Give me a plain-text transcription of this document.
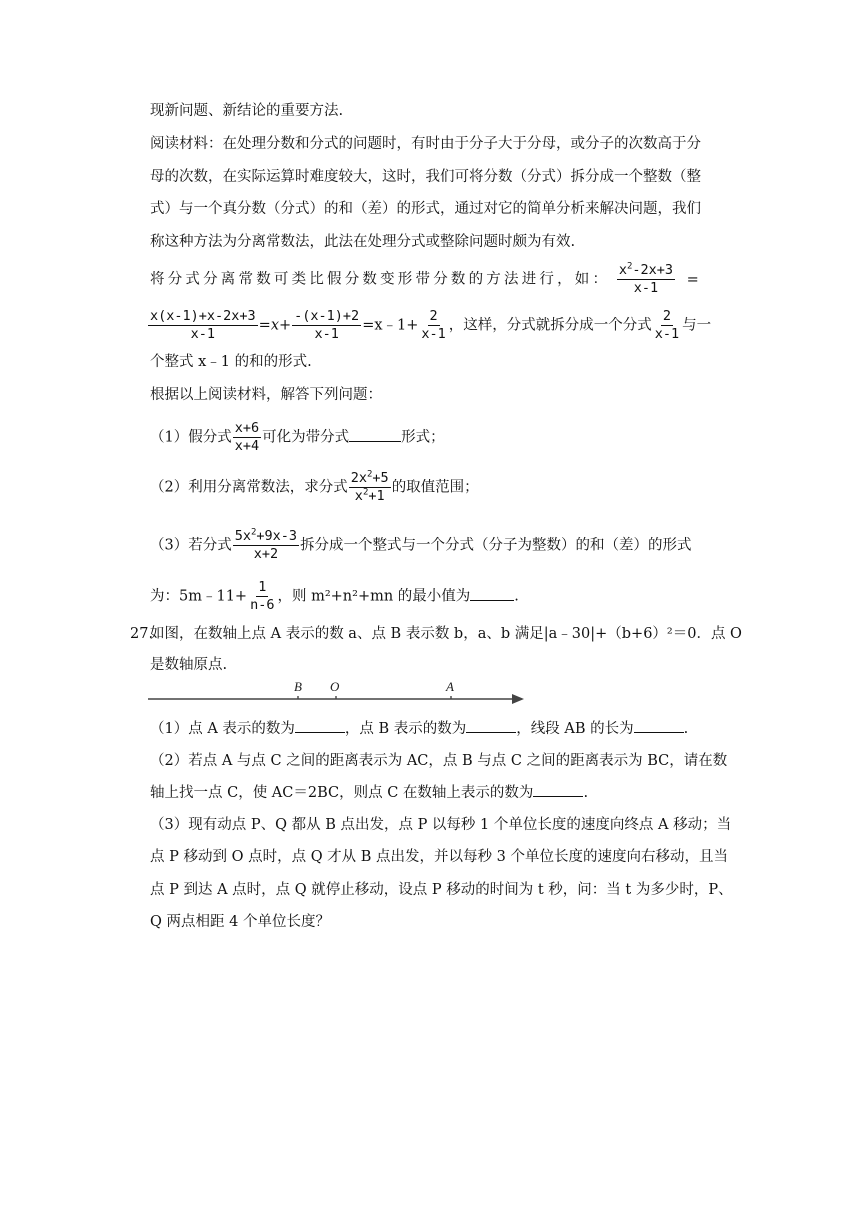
现新问题、新结论的重要方法.
阅读材料：在处理分数和分式的问题时，有时由于分子大于分母，或分子的次数高于分
母的次数，在实际运算时难度较大，这时，我们可将分数（分式）拆分成一个整数（整
式）与一个真分数（分式）的和（差）的形式，通过对它的简单分析来解决问题，我们
称这种方法为分离常数法，此法在处理分式或整除问题时颇为有效.
将分式分离常数可类比假分数变形带分数的方法进行，如： $\frac{x^2-2x+3}{x-1}$ =
$\frac{x(x-1)+x-2x+3}{x-1} =x+ \frac{-(x-1)+2}{x-1}$ =x﹣1+ $\frac{2}{x-1}$ ，这样，分式就拆分成一个分式 $\frac{2}{x-1}$ 与一
个整式 x﹣1 的和的形式.
根据以上阅读材料，解答下列问题：
（1）假分式 $\frac{x+6}{x+4}$ 可化为带分式	形式；
（2）利用分离常数法，求分式 $\frac{2x^2+5}{x^2+1}$ 的取值范围；
（3）若分式 $\frac{5x^2+9x-3}{x+2}$ 拆分成一个整式与一个分式（分子为整数）的和（差）的形式
为：5m﹣11+ $\frac{1}{n-6}$ ，则 m²+n²+mn 的最小值为	.
27.
如图，在数轴上点 A 表示的数 a、点 B 表示数 b，a、b 满足|a﹣30|+（b+6）²＝0．点 O
是数轴原点.
B O	A
（1）点 A 表示的数为	，点 B 表示的数为	，线段 AB 的长为	.
（2）若点 A 与点 C 之间的距离表示为 AC，点 B 与点 C 之间的距离表示为 BC，请在数
轴上找一点 C，使 AC＝2BC，则点 C 在数轴上表示的数为	.
（3）现有动点 P、Q 都从 B 点出发，点 P 以每秒 1 个单位长度的速度向终点 A 移动；当
点 P 移动到 O 点时，点 Q 才从 B 点出发，并以每秒 3 个单位长度的速度向右移动，且当
点 P 到达 A 点时，点 Q 就停止移动，设点 P 移动的时间为 t 秒，问：当 t 为多少时，P、
Q 两点相距 4 个单位长度？
